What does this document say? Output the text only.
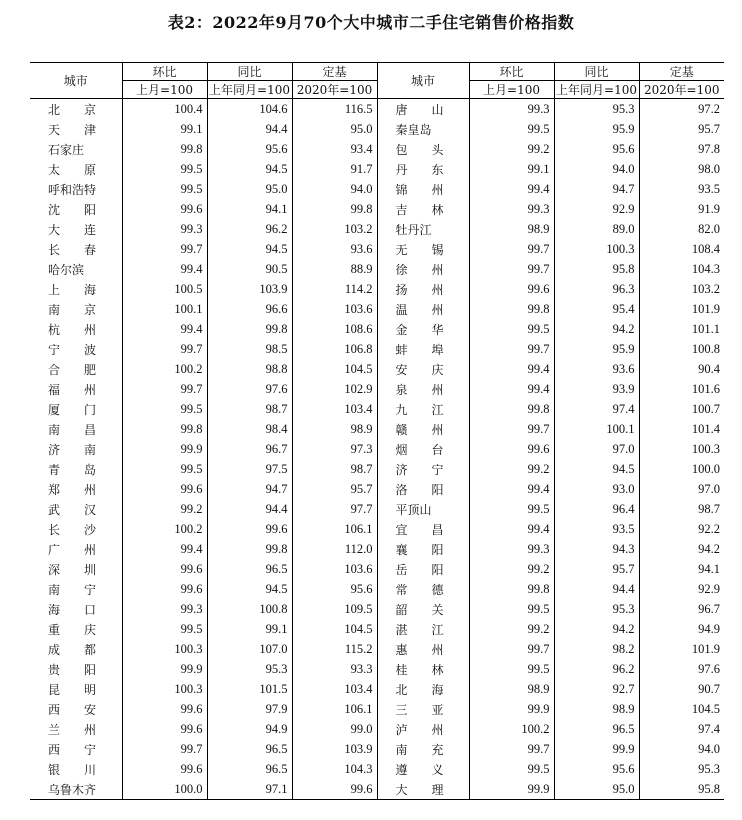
表2：2022年9月70个大中城市二手住宅销售价格指数
城市	环比	同比	定基	城市	环比	同比	定基
	上月=100	上年同月=100	2020年=100		上月=100	上年同月=100	2020年=100
北　　京	100.4	104.6	116.5	唐　　山	99.3	95.3	97.2
天　　津	99.1	94.4	95.0	秦皇岛	99.5	95.9	95.7
石家庄	99.8	95.6	93.4	包　　头	99.2	95.6	97.8
太　　原	99.5	94.5	91.7	丹　　东	99.1	94.0	98.0
呼和浩特	99.5	95.0	94.0	锦　　州	99.4	94.7	93.5
沈　　阳	99.6	94.1	99.8	吉　　林	99.3	92.9	91.9
大　　连	99.3	96.2	103.2	牡丹江	98.9	89.0	82.0
长　　春	99.7	94.5	93.6	无　　锡	99.7	100.3	108.4
哈尔滨	99.4	90.5	88.9	徐　　州	99.7	95.8	104.3
上　　海	100.5	103.9	114.2	扬　　州	99.6	96.3	103.2
南　　京	100.1	96.6	103.6	温　　州	99.8	95.4	101.9
杭　　州	99.4	99.8	108.6	金　　华	99.5	94.2	101.1
宁　　波	99.7	98.5	106.8	蚌　　埠	99.7	95.9	100.8
合　　肥	100.2	98.8	104.5	安　　庆	99.4	93.6	90.4
福　　州	99.7	97.6	102.9	泉　　州	99.4	93.9	101.6
厦　　门	99.5	98.7	103.4	九　　江	99.8	97.4	100.7
南　　昌	99.8	98.4	98.9	赣　　州	99.7	100.1	101.4
济　　南	99.9	96.7	97.3	烟　　台	99.6	97.0	100.3
青　　岛	99.5	97.5	98.7	济　　宁	99.2	94.5	100.0
郑　　州	99.6	94.7	95.7	洛　　阳	99.4	93.0	97.0
武　　汉	99.2	94.4	97.7	平顶山	99.5	96.4	98.7
长　　沙	100.2	99.6	106.1	宜　　昌	99.4	93.5	92.2
广　　州	99.4	99.8	112.0	襄　　阳	99.3	94.3	94.2
深　　圳	99.6	96.5	103.6	岳　　阳	99.2	95.7	94.1
南　　宁	99.6	94.5	95.6	常　　德	99.8	94.4	92.9
海　　口	99.3	100.8	109.5	韶　　关	99.5	95.3	96.7
重　　庆	99.5	99.1	104.5	湛　　江	99.2	94.2	94.9
成　　都	100.3	107.0	115.2	惠　　州	99.7	98.2	101.9
贵　　阳	99.9	95.3	93.3	桂　　林	99.5	96.2	97.6
昆　　明	100.3	101.5	103.4	北　　海	98.9	92.7	90.7
西　　安	99.6	97.9	106.1	三　　亚	99.9	98.9	104.5
兰　　州	99.6	94.9	99.0	泸　　州	100.2	96.5	97.4
西　　宁	99.7	96.5	103.9	南　　充	99.7	99.9	94.0
银　　川	99.6	96.5	104.3	遵　　义	99.5	95.6	95.3
乌鲁木齐	100.0	97.1	99.6	大　　理	99.9	95.0	95.8
